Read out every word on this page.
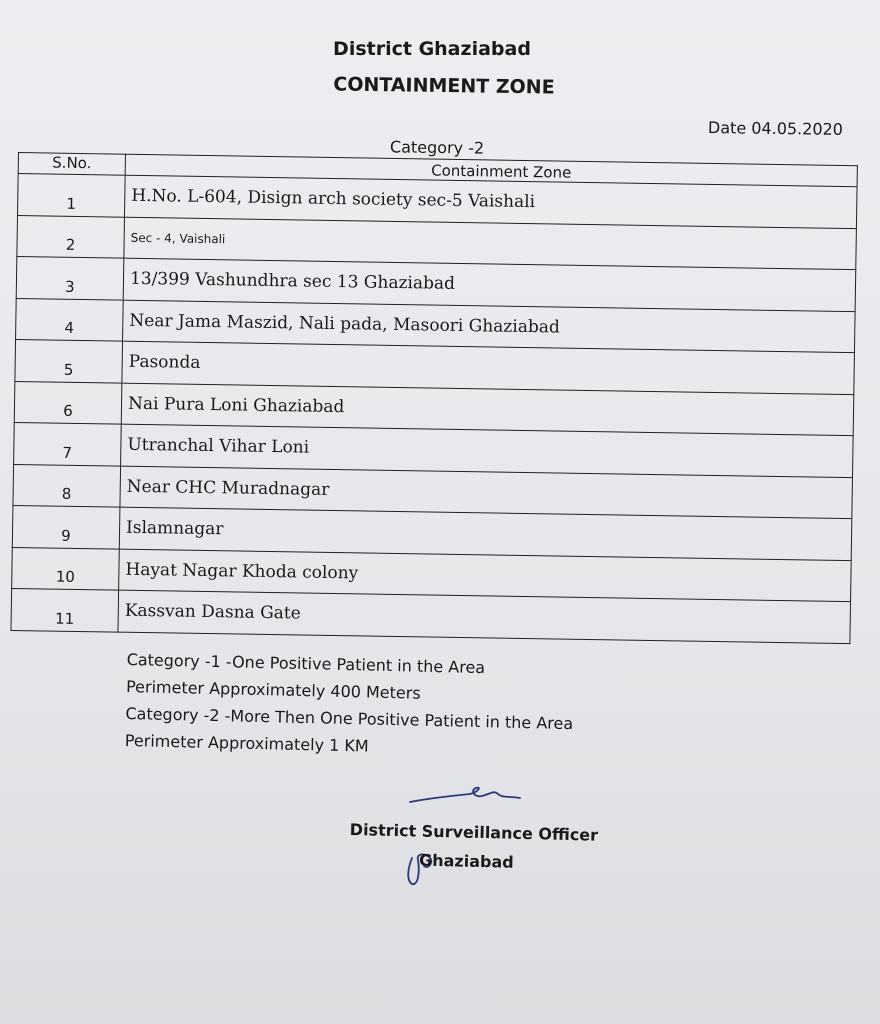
District Ghaziabad
CONTAINMENT ZONE
Date 04.05.2020
Category -2
S.No.	Containment Zone
1	H.No. L-604, Disign arch society sec-5 Vaishali
2	Sec - 4, Vaishali
3	13/399 Vashundhra sec 13 Ghaziabad
4	Near Jama Maszid, Nali pada, Masoori Ghaziabad
5	Pasonda
6	Nai Pura Loni Ghaziabad
7	Utranchal Vihar Loni
8	Near CHC Muradnagar
9	Islamnagar
10	Hayat Nagar Khoda colony
11	Kassvan Dasna Gate
Category -1 -One Positive Patient in the Area
Perimeter Approximately 400 Meters
Category -2 -More Then One Positive Patient in the Area
Perimeter Approximately 1 KM
District Surveillance Officer
Ghaziabad
